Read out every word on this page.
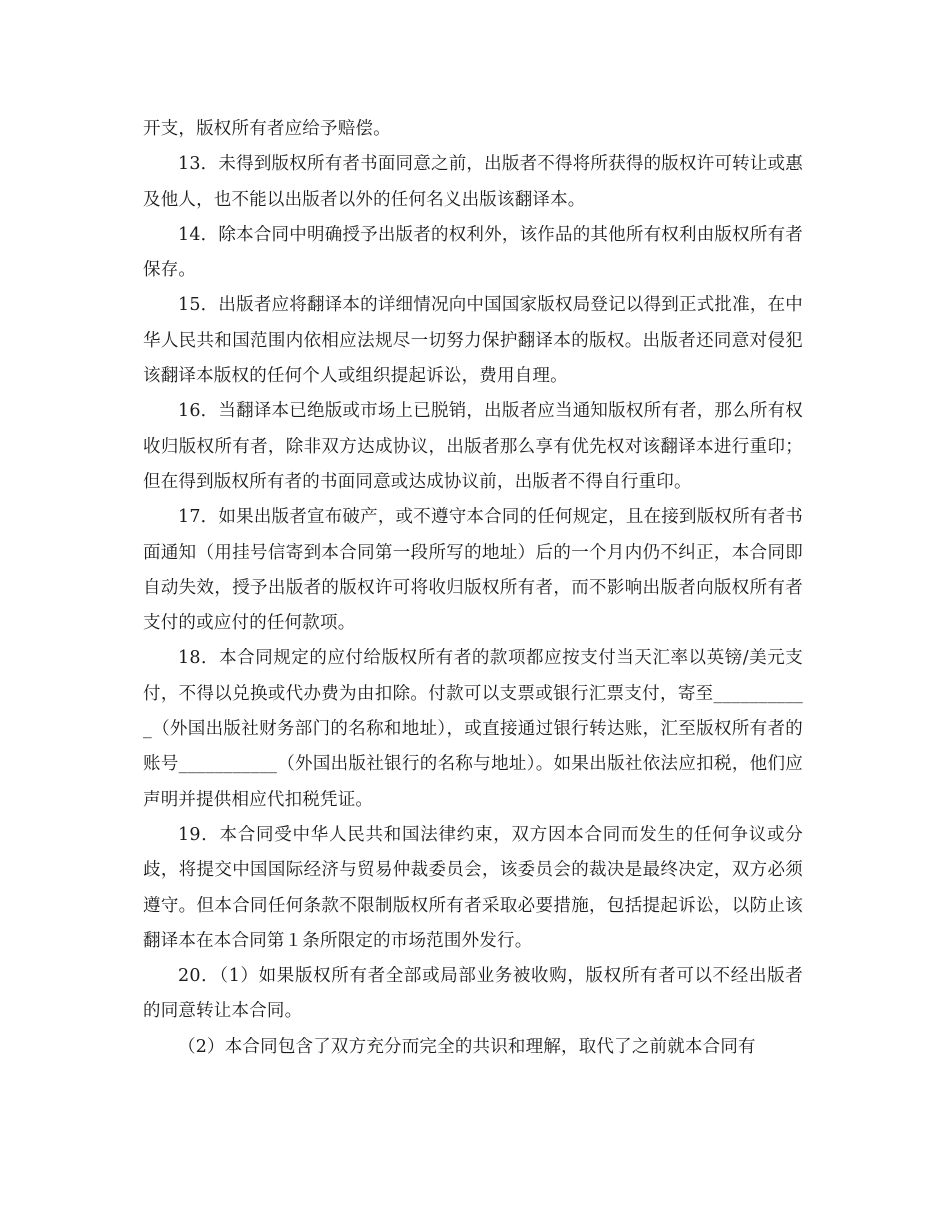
开支，版权所有者应给予赔偿。

13．未得到版权所有者书面同意之前，出版者不得将所获得的版权许可转让或惠及他人，也不能以出版者以外的任何名义出版该翻译本。

14．除本合同中明确授予出版者的权利外，该作品的其他所有权利由版权所有者保存。

15．出版者应将翻译本的详细情况向中国国家版权局登记以得到正式批准，在中华人民共和国范围内依相应法规尽一切努力保护翻译本的版权。出版者还同意对侵犯该翻译本版权的任何个人或组织提起诉讼，费用自理。

16．当翻译本已绝版或市场上已脱销，出版者应当通知版权所有者，那么所有权收归版权所有者，除非双方达成协议，出版者那么享有优先权对该翻译本进行重印；但在得到版权所有者的书面同意或达成协议前，出版者不得自行重印。

17．如果出版者宣布破产，或不遵守本合同的任何规定，且在接到版权所有者书面通知（用挂号信寄到本合同第一段所写的地址）后的一个月内仍不纠正，本合同即自动失效，授予出版者的版权许可将收归版权所有者，而不影响出版者向版权所有者支付的或应付的任何款项。

18．本合同规定的应付给版权所有者的款项都应按支付当天汇率以英镑/美元支付，不得以兑换或代办费为由扣除。付款可以支票或银行汇票支付，寄至___________（外国出版社财务部门的名称和地址），或直接通过银行转达账，汇至版权所有者的账号___________（外国出版社银行的名称与地址）。如果出版社依法应扣税，他们应声明并提供相应代扣税凭证。

19．本合同受中华人民共和国法律约束，双方因本合同而发生的任何争议或分歧，将提交中国国际经济与贸易仲裁委员会，该委员会的裁决是最终决定，双方必须遵守。但本合同任何条款不限制版权所有者采取必要措施，包括提起诉讼，以防止该翻译本在本合同第１条所限定的市场范围外发行。

20．（1）如果版权所有者全部或局部业务被收购，版权所有者可以不经出版者的同意转让本合同。

（2）本合同包含了双方充分而完全的共识和理解，取代了之前就本合同有
